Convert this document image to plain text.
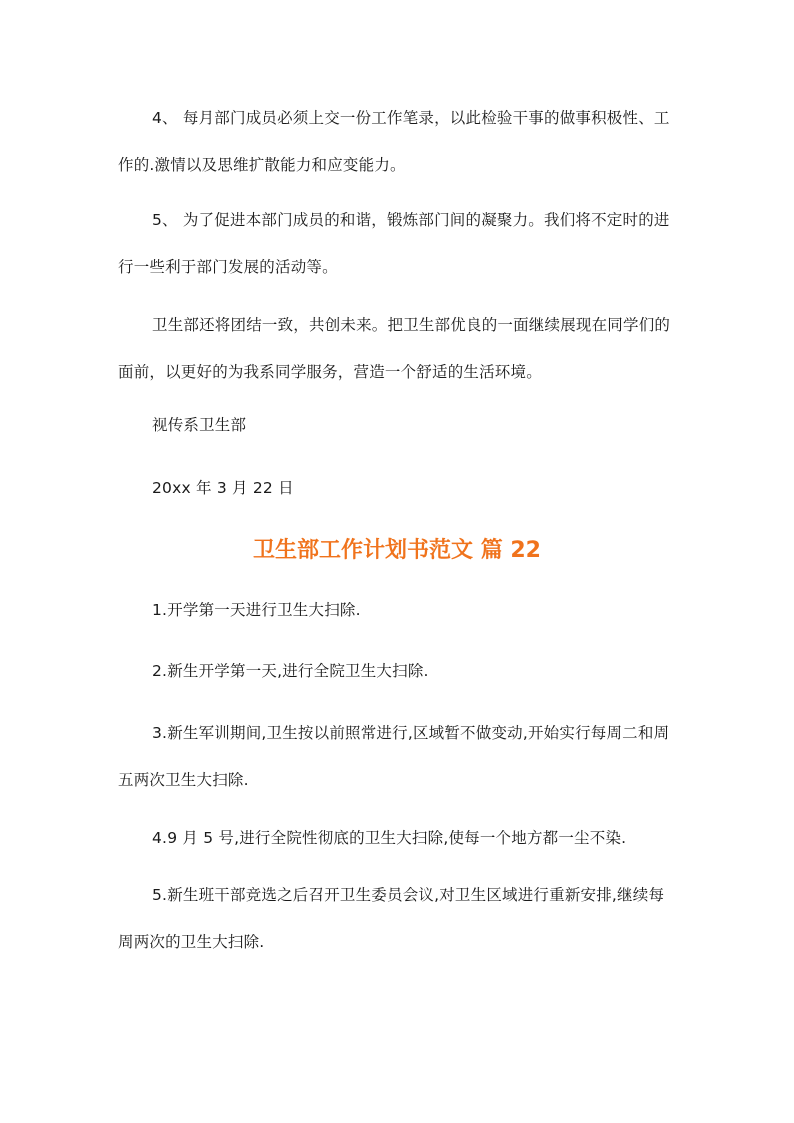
4、 每月部门成员必须上交一份工作笔录，以此检验干事的做事积极性、工作的.激情以及思维扩散能力和应变能力。

5、 为了促进本部门成员的和谐，锻炼部门间的凝聚力。我们将不定时的进行一些利于部门发展的活动等。

卫生部还将团结一致，共创未来。把卫生部优良的一面继续展现在同学们的面前，以更好的为我系同学服务，营造一个舒适的生活环境。

视传系卫生部

20xx 年 3 月 22 日

卫生部工作计划书范文 篇 22

1.开学第一天进行卫生大扫除.

2.新生开学第一天,进行全院卫生大扫除.

3.新生军训期间,卫生按以前照常进行,区域暂不做变动,开始实行每周二和周五两次卫生大扫除.

4.9 月 5 号,进行全院性彻底的卫生大扫除,使每一个地方都一尘不染.

5.新生班干部竞选之后召开卫生委员会议,对卫生区域进行重新安排,继续每周两次的卫生大扫除.
